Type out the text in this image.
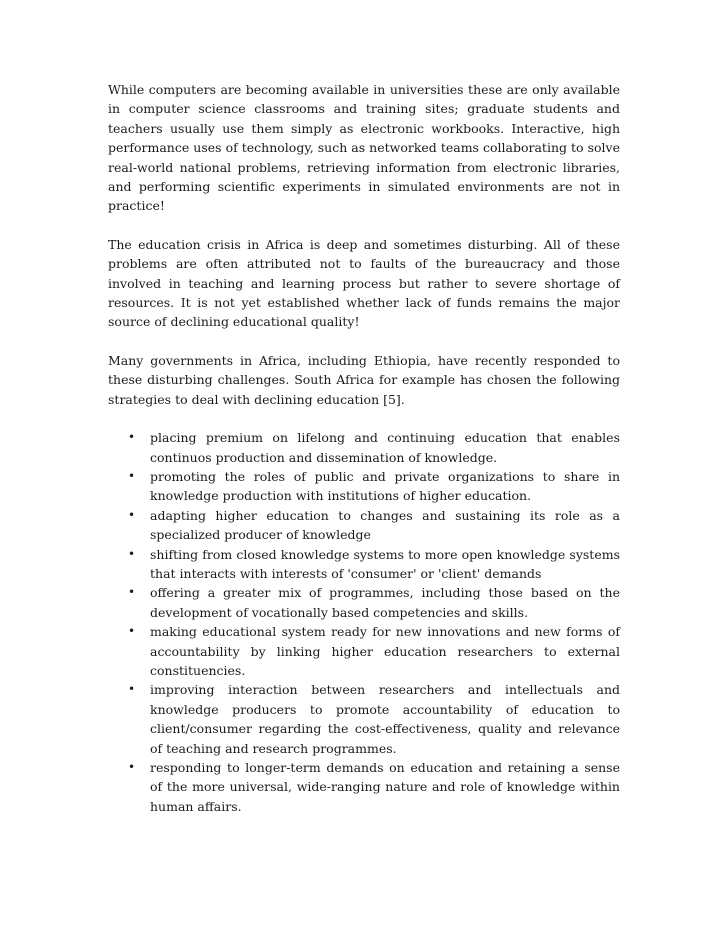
While computers are becoming available in universities these are only available in computer science classrooms and training sites; graduate students and teachers usually use them simply as electronic workbooks. Interactive, high performance uses of technology, such as networked teams collaborating to solve real-world national problems, retrieving information from electronic libraries, and performing scientific experiments in simulated environments are not in practice!

The education crisis in Africa is deep and sometimes disturbing. All of these problems are often attributed not to faults of the bureaucracy and those involved in teaching and learning process but rather to severe shortage of resources. It is not yet established whether lack of funds remains the major source of declining educational quality!

Many governments in Africa, including Ethiopia, have recently responded to these disturbing challenges. South Africa for example has chosen the following strategies to deal with declining education [5].

• placing premium on lifelong and continuing education that enables continuos production and dissemination of knowledge.
• promoting the roles of public and private organizations to share in knowledge production with institutions of higher education.
• adapting higher education to changes and sustaining its role as a specialized producer of knowledge
• shifting from closed knowledge systems to more open knowledge systems that interacts with interests of 'consumer' or 'client' demands
• offering a greater mix of programmes, including those based on the development of vocationally based competencies and skills.
• making educational system ready for new innovations and new forms of accountability by linking higher education researchers to external constituencies.
• improving interaction between researchers and intellectuals and knowledge producers to promote accountability of education to client/consumer regarding the cost-effectiveness, quality and relevance of teaching and research programmes.
• responding to longer-term demands on education and retaining a sense of the more universal, wide-ranging nature and role of knowledge within human affairs.
